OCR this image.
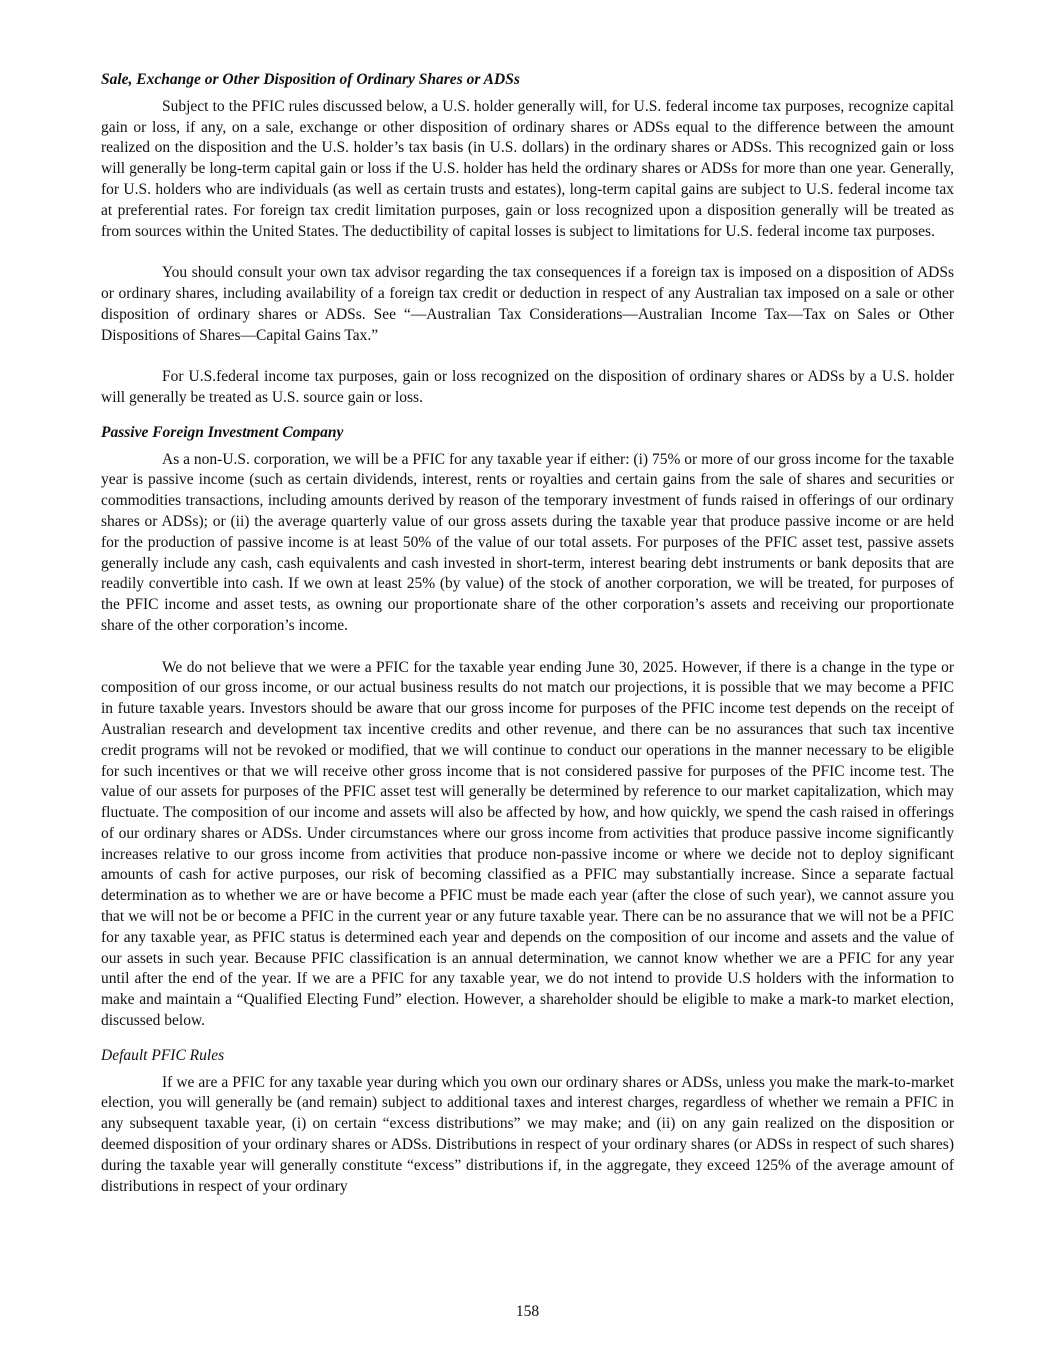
Sale, Exchange or Other Disposition of Ordinary Shares or ADSs

Subject to the PFIC rules discussed below, a U.S. holder generally will, for U.S. federal income tax purposes, recognize capital gain or loss, if any, on a sale, exchange or other disposition of ordinary shares or ADSs equal to the difference between the amount realized on the disposition and the U.S. holder’s tax basis (in U.S. dollars) in the ordinary shares or ADSs. This recognized gain or loss will generally be long-term capital gain or loss if the U.S. holder has held the ordinary shares or ADSs for more than one year. Generally, for U.S. holders who are individuals (as well as certain trusts and estates), long-term capital gains are subject to U.S. federal income tax at preferential rates. For foreign tax credit limitation purposes, gain or loss recognized upon a disposition generally will be treated as from sources within the United States. The deductibility of capital losses is subject to limitations for U.S. federal income tax purposes.

You should consult your own tax advisor regarding the tax consequences if a foreign tax is imposed on a disposition of ADSs or ordinary shares, including availability of a foreign tax credit or deduction in respect of any Australian tax imposed on a sale or other disposition of ordinary shares or ADSs. See “—Australian Tax Considerations—Australian Income Tax—Tax on Sales or Other Dispositions of Shares—Capital Gains Tax.”

For U.S.federal income tax purposes, gain or loss recognized on the disposition of ordinary shares or ADSs by a U.S. holder will generally be treated as U.S. source gain or loss.

Passive Foreign Investment Company

As a non-U.S. corporation, we will be a PFIC for any taxable year if either: (i) 75% or more of our gross income for the taxable year is passive income (such as certain dividends, interest, rents or royalties and certain gains from the sale of shares and securities or commodities transactions, including amounts derived by reason of the temporary investment of funds raised in offerings of our ordinary shares or ADSs); or (ii) the average quarterly value of our gross assets during the taxable year that produce passive income or are held for the production of passive income is at least 50% of the value of our total assets. For purposes of the PFIC asset test, passive assets generally include any cash, cash equivalents and cash invested in short-term, interest bearing debt instruments or bank deposits that are readily convertible into cash. If we own at least 25% (by value) of the stock of another corporation, we will be treated, for purposes of the PFIC income and asset tests, as owning our proportionate share of the other corporation’s assets and receiving our proportionate share of the other corporation’s income.

We do not believe that we were a PFIC for the taxable year ending June 30, 2025. However, if there is a change in the type or composition of our gross income, or our actual business results do not match our projections, it is possible that we may become a PFIC in future taxable years. Investors should be aware that our gross income for purposes of the PFIC income test depends on the receipt of Australian research and development tax incentive credits and other revenue, and there can be no assurances that such tax incentive credit programs will not be revoked or modified, that we will continue to conduct our operations in the manner necessary to be eligible for such incentives or that we will receive other gross income that is not considered passive for purposes of the PFIC income test. The value of our assets for purposes of the PFIC asset test will generally be determined by reference to our market capitalization, which may fluctuate. The composition of our income and assets will also be affected by how, and how quickly, we spend the cash raised in offerings of our ordinary shares or ADSs. Under circumstances where our gross income from activities that produce passive income significantly increases relative to our gross income from activities that produce non-passive income or where we decide not to deploy significant amounts of cash for active purposes, our risk of becoming classified as a PFIC may substantially increase. Since a separate factual determination as to whether we are or have become a PFIC must be made each year (after the close of such year), we cannot assure you that we will not be or become a PFIC in the current year or any future taxable year. There can be no assurance that we will not be a PFIC for any taxable year, as PFIC status is determined each year and depends on the composition of our income and assets and the value of our assets in such year. Because PFIC classification is an annual determination, we cannot know whether we are a PFIC for any year until after the end of the year. If we are a PFIC for any taxable year, we do not intend to provide U.S holders with the information to make and maintain a “Qualified Electing Fund” election. However, a shareholder should be eligible to make a mark-to market election, discussed below.

Default PFIC Rules

If we are a PFIC for any taxable year during which you own our ordinary shares or ADSs, unless you make the mark-to-market election, you will generally be (and remain) subject to additional taxes and interest charges, regardless of whether we remain a PFIC in any subsequent taxable year, (i) on certain “excess distributions” we may make; and (ii) on any gain realized on the disposition or deemed disposition of your ordinary shares or ADSs. Distributions in respect of your ordinary shares (or ADSs in respect of such shares) during the taxable year will generally constitute “excess” distributions if, in the aggregate, they exceed 125% of the average amount of distributions in respect of your ordinary

158
